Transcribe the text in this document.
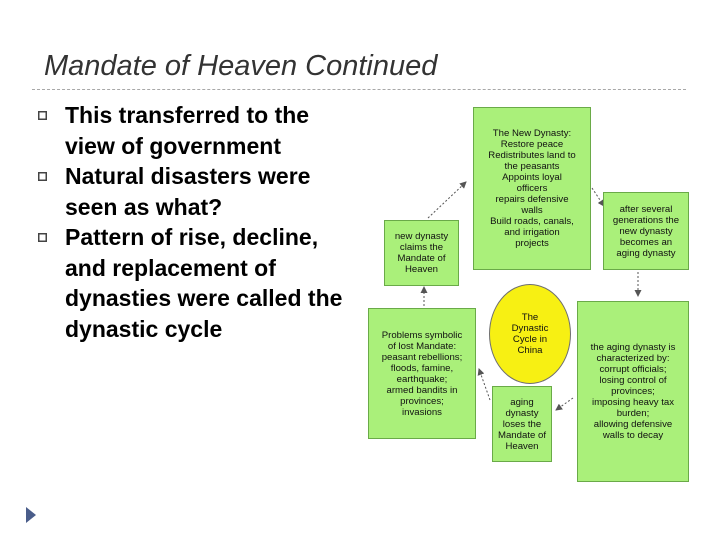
Mandate of Heaven Continued
This transferred to the view of government
Natural disasters were seen as what?
Pattern of rise, decline, and replacement of dynasties were called the dynastic cycle
The New Dynasty:
Restore peace
Redistributes land to
the peasants
Appoints loyal
officers
repairs defensive
walls
Build roads, canals,
and irrigation
projects
new dynasty
claims the
Mandate of
Heaven
after several
generations the
new dynasty
becomes an
aging dynasty
Problems symbolic
of lost Mandate:
peasant rebellions;
floods, famine,
earthquake;
armed bandits in
provinces;
invasions
the aging dynasty is
characterized by:
corrupt officials;
losing control of
provinces;
imposing heavy tax
burden;
allowing defensive
walls to decay
aging
dynasty
loses the
Mandate of
Heaven
The
Dynastic
Cycle in
China
